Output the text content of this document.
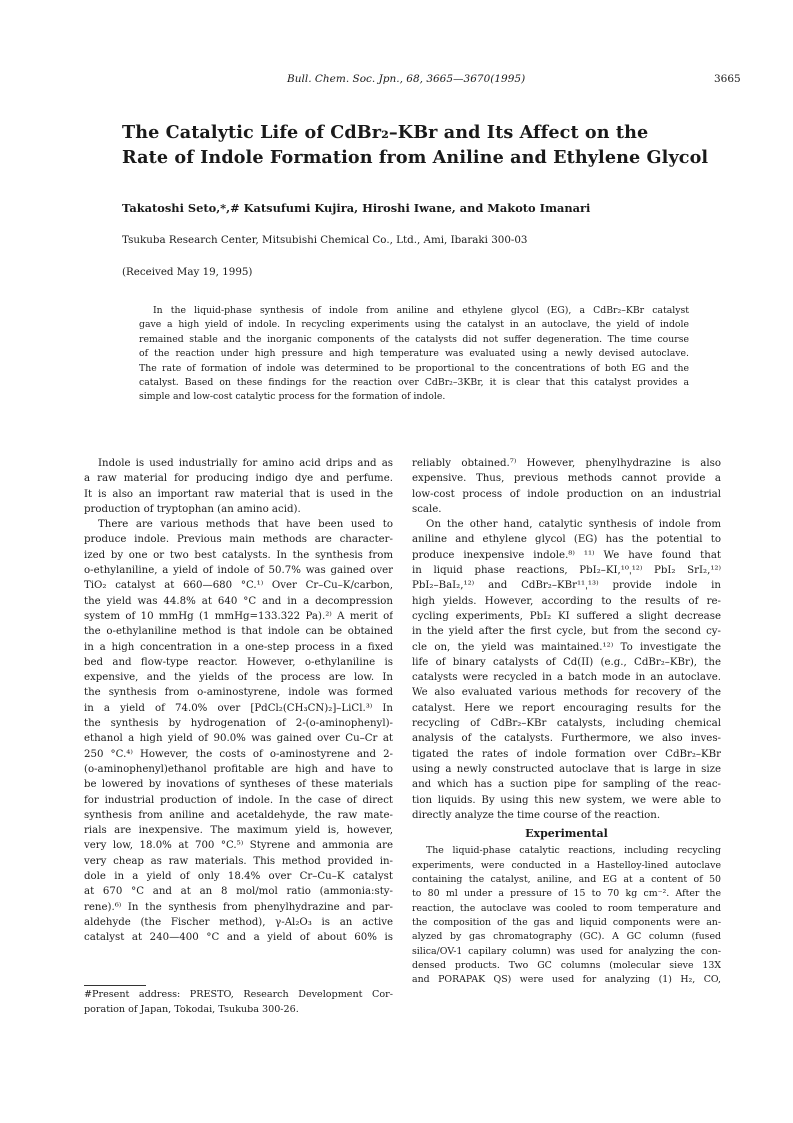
Bull. Chem. Soc. Jpn., 68, 3665—3670(1995)	3665
The Catalytic Life of CdBr₂–KBr and Its Affect on the
Rate of Indole Formation from Aniline and Ethylene Glycol
Takatoshi Seto,*,# Katsufumi Kujira, Hiroshi Iwane, and Makoto Imanari
Tsukuba Research Center, Mitsubishi Chemical Co., Ltd., Ami, Ibaraki 300-03
(Received May 19, 1995)
In the liquid-phase synthesis of indole from aniline and ethylene glycol (EG), a CdBr₂–KBr catalyst
gave a high yield of indole. In recycling experiments using the catalyst in an autoclave, the yield of indole
remained stable and the inorganic components of the catalysts did not suffer degeneration. The time course
of the reaction under high pressure and high temperature was evaluated using a newly devised autoclave.
The rate of formation of indole was determined to be proportional to the concentrations of both EG and the
catalyst. Based on these findings for the reaction over CdBr₂–3KBr, it is clear that this catalyst provides a
simple and low-cost catalytic process for the formation of indole.
Indole is used industrially for amino acid drips and as
a raw material for producing indigo dye and perfume.
It is also an important raw material that is used in the
production of tryptophan (an amino acid).
There are various methods that have been used to
produce indole. Previous main methods are character-
ized by one or two best catalysts. In the synthesis from
o-ethylaniline, a yield of indole of 50.7% was gained over
TiO₂ catalyst at 660—680 °C.¹⁾ Over Cr–Cu–K/carbon,
the yield was 44.8% at 640 °C and in a decompression
system of 10 mmHg (1 mmHg=133.322 Pa).²⁾ A merit of
the o-ethylaniline method is that indole can be obtained
in a high concentration in a one-step process in a fixed
bed and flow-type reactor. However, o-ethylaniline is
expensive, and the yields of the process are low. In
the synthesis from o-aminostyrene, indole was formed
in a yield of 74.0% over [PdCl₂(CH₃CN)₂]–LiCl.³⁾ In
the synthesis by hydrogenation of 2-(o-aminophenyl)-
ethanol a high yield of 90.0% was gained over Cu–Cr at
250 °C.⁴⁾ However, the costs of o-aminostyrene and 2-
(o-aminophenyl)ethanol profitable are high and have to
be lowered by inovations of syntheses of these materials
for industrial production of indole. In the case of direct
synthesis from aniline and acetaldehyde, the raw mate-
rials are inexpensive. The maximum yield is, however,
very low, 18.0% at 700 °C.⁵⁾ Styrene and ammonia are
very cheap as raw materials. This method provided in-
dole in a yield of only 18.4% over Cr–Cu–K catalyst
at 670 °C and at an 8 mol/mol ratio (ammonia:sty-
rene).⁶⁾ In the synthesis from phenylhydrazine and par-
aldehyde (the Fischer method), γ-Al₂O₃ is an active
catalyst at 240—400 °C and a yield of about 60% is
reliably obtained.⁷⁾ However, phenylhydrazine is also
expensive. Thus, previous methods cannot provide a
low-cost process of indole production on an industrial
scale.
On the other hand, catalytic synthesis of indole from
aniline and ethylene glycol (EG) has the potential to
produce inexpensive indole.⁸⁾ ¹¹⁾ We have found that
in liquid phase reactions, PbI₂–KI,¹⁰ˌ¹²⁾ PbI₂ SrI₂,¹²⁾
PbI₂–BaI₂,¹²⁾ and CdBr₂–KBr¹¹ˌ¹³⁾ provide indole in
high yields. However, according to the results of re-
cycling experiments, PbI₂ KI suffered a slight decrease
in the yield after the first cycle, but from the second cy-
cle on, the yield was maintained.¹²⁾ To investigate the
life of binary catalysts of Cd(II) (e.g., CdBr₂–KBr), the
catalysts were recycled in a batch mode in an autoclave.
We also evaluated various methods for recovery of the
catalyst. Here we report encouraging results for the
recycling of CdBr₂–KBr catalysts, including chemical
analysis of the catalysts. Furthermore, we also inves-
tigated the rates of indole formation over CdBr₂–KBr
using a newly constructed autoclave that is large in size
and which has a suction pipe for sampling of the reac-
tion liquids. By using this new system, we were able to
directly analyze the time course of the reaction.
Experimental
The liquid-phase catalytic reactions, including recycling
experiments, were conducted in a Hastelloy-lined autoclave
containing the catalyst, aniline, and EG at a content of 50
to 80 ml under a pressure of 15 to 70 kg cm⁻². After the
reaction, the autoclave was cooled to room temperature and
the composition of the gas and liquid components were an-
alyzed by gas chromatography (GC). A GC column (fused
silica/OV-1 capilary column) was used for analyzing the con-
densed products. Two GC columns (molecular sieve 13X
and PORAPAK QS) were used for analyzing (1) H₂, CO,
#Present address: PRESTO, Research Development Cor-
poration of Japan, Tokodai, Tsukuba 300-26.
